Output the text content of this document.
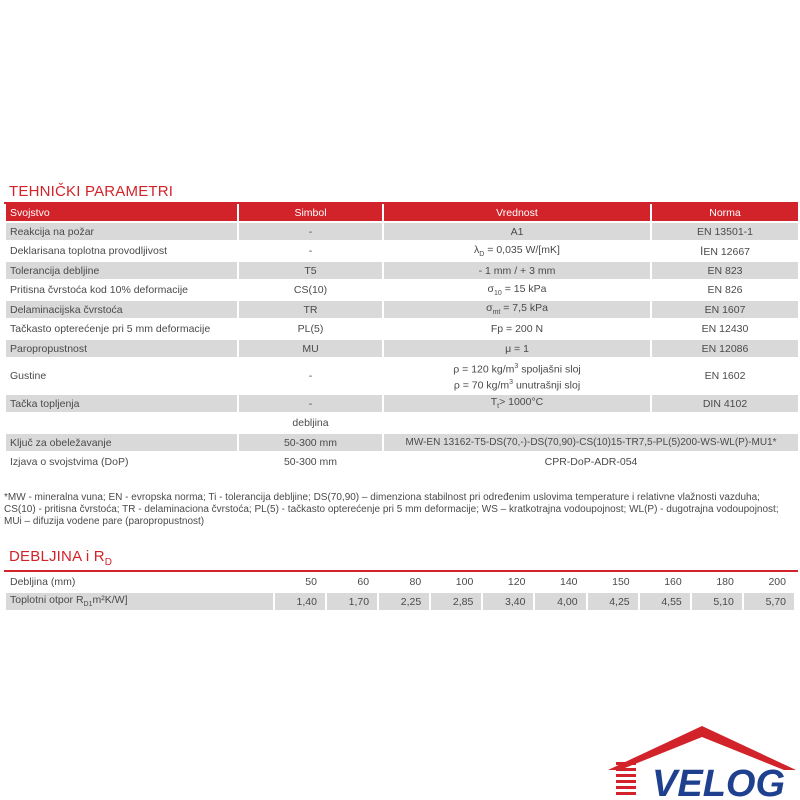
TEHNIČKI PARAMETRI
Svojstvo	Simbol	Vrednost	Norma
Reakcija na požar	-	A1	EN 13501-1
Deklarisana toplotna provodljivost	-	$\lambda_D = 0,035$ W/[mK]	IEN 12667
Tolerancija debljine	T5	- 1 mm / + 3 mm	EN 823
Pritisna čvrstoća kod 10% deformacije	CS(10)	$\sigma_{10} = 15$ kPa	EN 826
Delaminacijska čvrstoća	TR	$\sigma_{mt} = 7,5$ kPa	EN 1607
Tačkasto opterećenje pri 5 mm deformacije	PL(5)	Fp = 200 N	EN 12430
Paropropustnost	MU	μ = 1	EN 12086
Gustine	-	ρ = 120 $kg/m^3$ spoljašni sloj
ρ = 70 $kg/m^3$ unutrašnji sloj	EN 1602
Tačka topljenja	-	$T_t> 1000^\circ C$	DIN 4102
	debljina		
Ključ za obeležavanje	50-300 mm	MW-EN 13162-T5-DS(70,-)-DS(70,90)-CS(10)15-TR7,5-PL(5)200-WS-WL(P)-MU1*	
Izjava o svojstvima (DoP)	50-300 mm	CPR-DoP-ADR-054	
*MW - mineralna vuna; EN - evropska norma; Ti - tolerancija debljine; DS(70,90) – dimenziona stabilnost pri određenim uslovima temperature i relativne vlažnosti vazduha; CS(10) - pritisna čvrstoća; TR - delaminaciona čvrstoća; PL(5) - tačkasto opterećenje pri 5 mm deformacije; WS – kratkotrajna vodoupojnost; WL(P) - dugotrajna vodoupojnost; MUi – difuzija vodene pare (paropropustnost)
DEBLJINA i $R_D$
Debljina (mm)	50	60	80	100	120	140	150	160	180	200
Toplotni otpor $R_{D1}m^2K/W$]	1,40	1,70	2,25	2,85	3,40	4,00	4,25	4,55	5,10	5,70
VELOG
